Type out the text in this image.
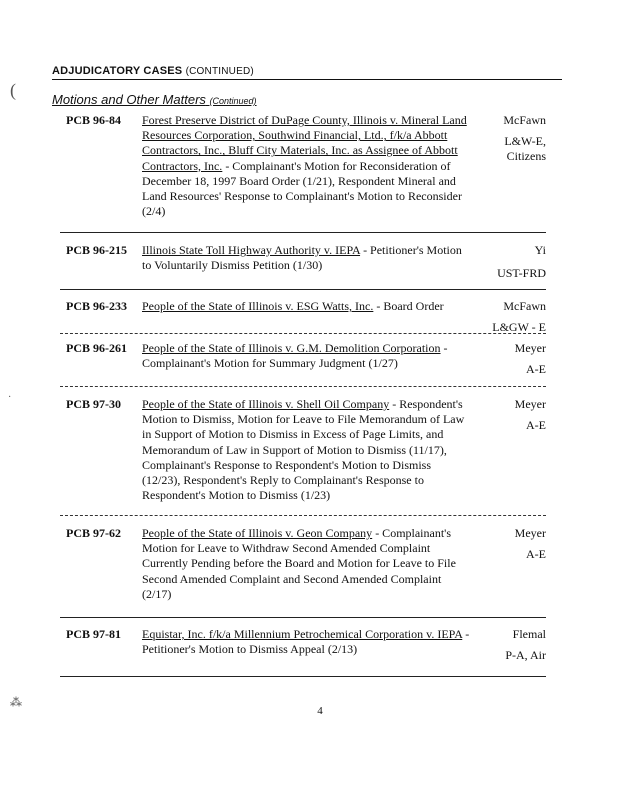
ADJUDICATORY CASES (CONTINUED)
Motions and Other Matters (Continued)
PCB 96-84	Forest Preserve District of DuPage County, Illinois v. Mineral Land Resources Corporation, Southwind Financial, Ltd., f/k/a Abbott Contractors, Inc., Bluff City Materials, Inc. as Assignee of Abbott Contractors, Inc. - Complainant's Motion for Reconsideration of December 18, 1997 Board Order (1/21), Respondent Mineral and Land Resources' Response to Complainant's Motion to Reconsider (2/4)
McFawn
L&W-E, Citizens
PCB 96-215	Illinois State Toll Highway Authority v. IEPA - Petitioner's Motion to Voluntarily Dismiss Petition (1/30)
Yi
UST-FRD
PCB 96-233	People of the State of Illinois v. ESG Watts, Inc. - Board Order	McFawn
L&GW - E
PCB 96-261	People of the State of Illinois v. G.M. Demolition Corporation - Complainant's Motion for Summary Judgment (1/27)
Meyer
A-E
PCB 97-30	People of the State of Illinois v. Shell Oil Company - Respondent's Motion to Dismiss, Motion for Leave to File Memorandum of Law in Support of Motion to Dismiss in Excess of Page Limits, and Memorandum of Law in Support of Motion to Dismiss (11/17), Complainant's Response to Respondent's Motion to Dismiss (12/23), Respondent's Reply to Complainant's Response to Respondent's Motion to Dismiss (1/23)
Meyer
A-E
PCB 97-62	People of the State of Illinois v. Geon Company - Complainant's Motion for Leave to Withdraw Second Amended Complaint Currently Pending before the Board and Motion for Leave to File Second Amended Complaint and Second Amended Complaint (2/17)
Meyer
A-E
PCB 97-81	Equistar, Inc. f/k/a Millennium Petrochemical Corporation v. IEPA - Petitioner's Motion to Dismiss Appeal (2/13)
Flemal
P-A, Air
4
(
·
⁂
